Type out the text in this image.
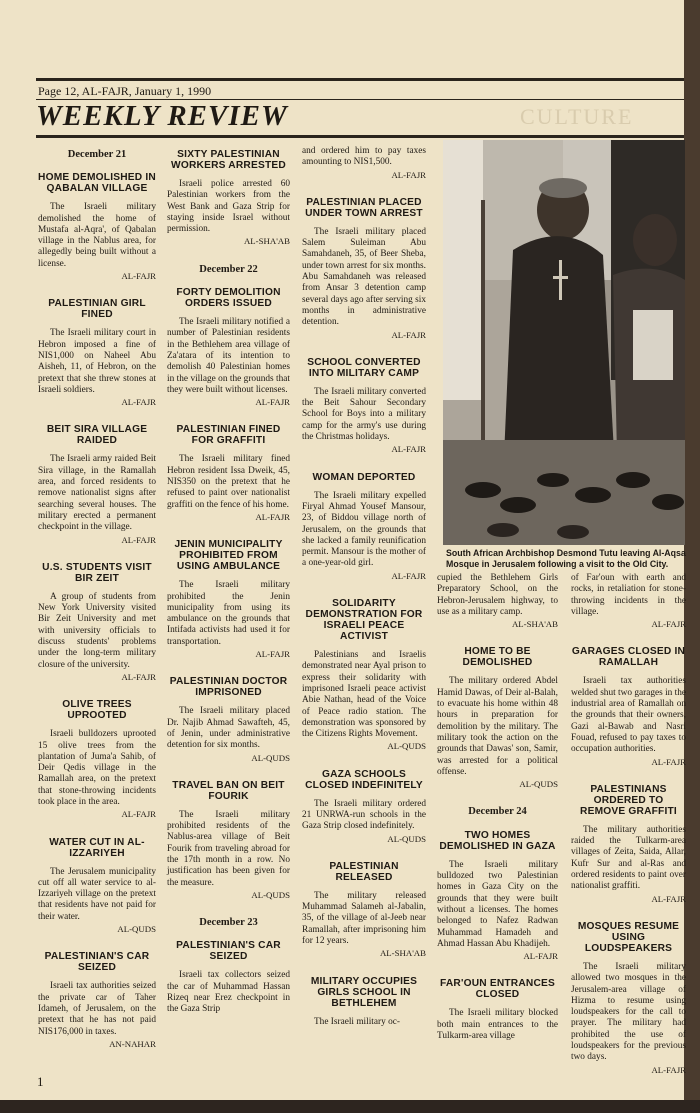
Page 12, AL-FAJR, January 1, 1990
CULTURE
WEEKLY REVIEW
December 21
HOME DEMOLISHED IN QABALAN VILLAGE

The Israeli military demolished the home of Mustafa al-Aqra', of Qabalan village in the Nablus area, for allegedly being built without a license.

AL-FAJR
PALESTINIAN GIRL FINED

The Israeli military court in Hebron imposed a fine of NIS1,000 on Naheel Abu Aisheh, 11, of Hebron, on the pretext that she threw stones at Israeli soldiers.

AL-FAJR
BEIT SIRA VILLAGE RAIDED

The Israeli army raided Beit Sira village, in the Ramallah area, and forced residents to remove nationalist signs after searching several houses. The military erected a permanent checkpoint in the village.

AL-FAJR
U.S. STUDENTS VISIT BIR ZEIT

A group of students from New York University visited Bir Zeit University and met with university officials to discuss students' problems under the long-term military closure of the university.

AL-FAJR
OLIVE TREES UPROOTED

Israeli bulldozers uprooted 15 olive trees from the plantation of Juma'a Sahib, of Deir Qedis village in the Ramallah area, on the pretext that stone-throwing incidents took place in the area.

AL-FAJR
WATER CUT IN AL-IZZARIYEH

The Jerusalem municipality cut off all water service to al-Izzariyeh village on the pretext that residents have not paid for their water.

AL-QUDS
PALESTINIAN'S CAR SEIZED

Israeli tax authorities seized the private car of Taher Idameh, of Jerusalem, on the pretext that he has not paid NIS176,000 in taxes.

AN-NAHAR
SIXTY PALESTINIAN WORKERS ARRESTED

Israeli police arrested 60 Palestinian workers from the West Bank and Gaza Strip for staying inside Israel without permission.

AL-SHA'AB
December 22
FORTY DEMOLITION ORDERS ISSUED

The Israeli military notified a number of Palestinian residents in the Bethlehem area village of Za'atara of its intention to demolish 40 Palestinian homes in the village on the grounds that they were built without licenses.

AL-FAJR
PALESTINIAN FINED FOR GRAFFITI

The Israeli military fined Hebron resident Issa Dweik, 45, NIS350 on the pretext that he refused to paint over nationalist graffiti on the fence of his home.

AL-FAJR
JENIN MUNICIPALITY PROHIBITED FROM USING AMBULANCE

The Israeli military prohibited the Jenin municipality from using its ambulance on the grounds that Intifada activists had used it for transportation.

AL-FAJR
PALESTINIAN DOCTOR IMPRISONED

The Israeli military placed Dr. Najib Ahmad Sawafteh, 45, of Jenin, under administrative detention for six months.

AL-QUDS
TRAVEL BAN ON BEIT FOURIK

The Israeli military prohibited residents of the Nablus-area village of Beit Fourik from traveling abroad for the 17th month in a row. No justification has been given for the measure.

AL-QUDS
December 23
PALESTINIAN'S CAR SEIZED

Israeli tax collectors seized the car of Muhammad Hassan Rizeq near Erez checkpoint in the Gaza Strip

and ordered him to pay taxes amounting to NIS1,500.

AL-FAJR
PALESTINIAN PLACED UNDER TOWN ARREST

The Israeli military placed Salem Suleiman Abu Samahdaneh, 35, of Beer Sheba, under town arrest for six months. Abu Samahdaneh was released from Ansar 3 detention camp several days ago after serving six months in administrative detention.

AL-FAJR
SCHOOL CONVERTED INTO MILITARY CAMP

The Israeli military converted the Beit Sahour Secondary School for Boys into a military camp for the army's use during the Christmas holidays.

AL-FAJR
WOMAN DEPORTED

The Israeli military expelled Firyal Ahmad Yousef Mansour, 23, of Biddou village north of Jerusalem, on the grounds that she lacked a family reunification permit. Mansour is the mother of a one-year-old girl.

AL-FAJR
SOLIDARITY DEMONSTRATION FOR ISRAELI PEACE ACTIVIST

Palestinians and Israelis demonstrated near Ayal prison to express their solidarity with imprisoned Israeli peace activist Abie Nathan, head of the Voice of Peace radio station. The demonstration was sponsored by the Citizens Rights Movement.

AL-QUDS
GAZA SCHOOLS CLOSED INDEFINITELY

The Israeli military ordered 21 UNRWA-run schools in the Gaza Strip closed indefinitely.

AL-QUDS
PALESTINIAN RELEASED

The military released Muhammad Salameh al-Jabalin, 35, of the village of al-Jeeb near Ramallah, after imprisoning him for 12 years.

AL-SHA'AB
MILITARY OCCUPIES GIRLS SCHOOL IN BETHLEHEM

The Israeli military oc-

cupied the Bethlehem Girls Preparatory School, on the Hebron-Jerusalem highway, to use as a military camp.

AL-SHA'AB
HOME TO BE DEMOLISHED

The military ordered Abdel Hamid Dawas, of Deir al-Balah, to evacuate his home within 48 hours in preparation for demolition by the military. The military took the action on the grounds that Dawas' son, Samir, was arrested for a political offense.

AL-QUDS
December 24
TWO HOMES DEMOLISHED IN GAZA

The Israeli military bulldozed two Palestinian homes in Gaza City on the grounds that they were built without a licenses. The homes belonged to Nafez Radwan Muhammad Hamadeh and Ahmad Hassan Abu Khadijeh.

AL-FAJR
FAR'OUN ENTRANCES CLOSED

The Israeli military blocked both main entrances to the Tulkarm-area village

of Far'oun with earth and rocks, in retaliation for stone-throwing incidents in the village.

AL-FAJR
GARAGES CLOSED IN RAMALLAH

Israeli tax authorities welded shut two garages in the industrial area of Ramallah on the grounds that their owners, Gazi al-Bawab and Nasri Fouad, refused to pay taxes to occupation authorities.

AL-FAJR
PALESTINIANS ORDERED TO REMOVE GRAFFITI

The military authorities raided the Tulkarm-area villages of Zeita, Saida, Allar, Kufr Sur and al-Ras and ordered residents to paint over nationalist graffiti.

AL-FAJR
MOSQUES RESUME USING LOUDSPEAKERS

The Israeli military allowed two mosques in the Jerusalem-area village of Hizma to resume using loudspeakers for the call to prayer. The military had prohibited the use of loudspeakers for the previous two days.

AL-FAJR
South African Archbishop Desmond Tutu leaving Al-Aqsa Mosque in Jerusalem following a visit to the Old City.
1
